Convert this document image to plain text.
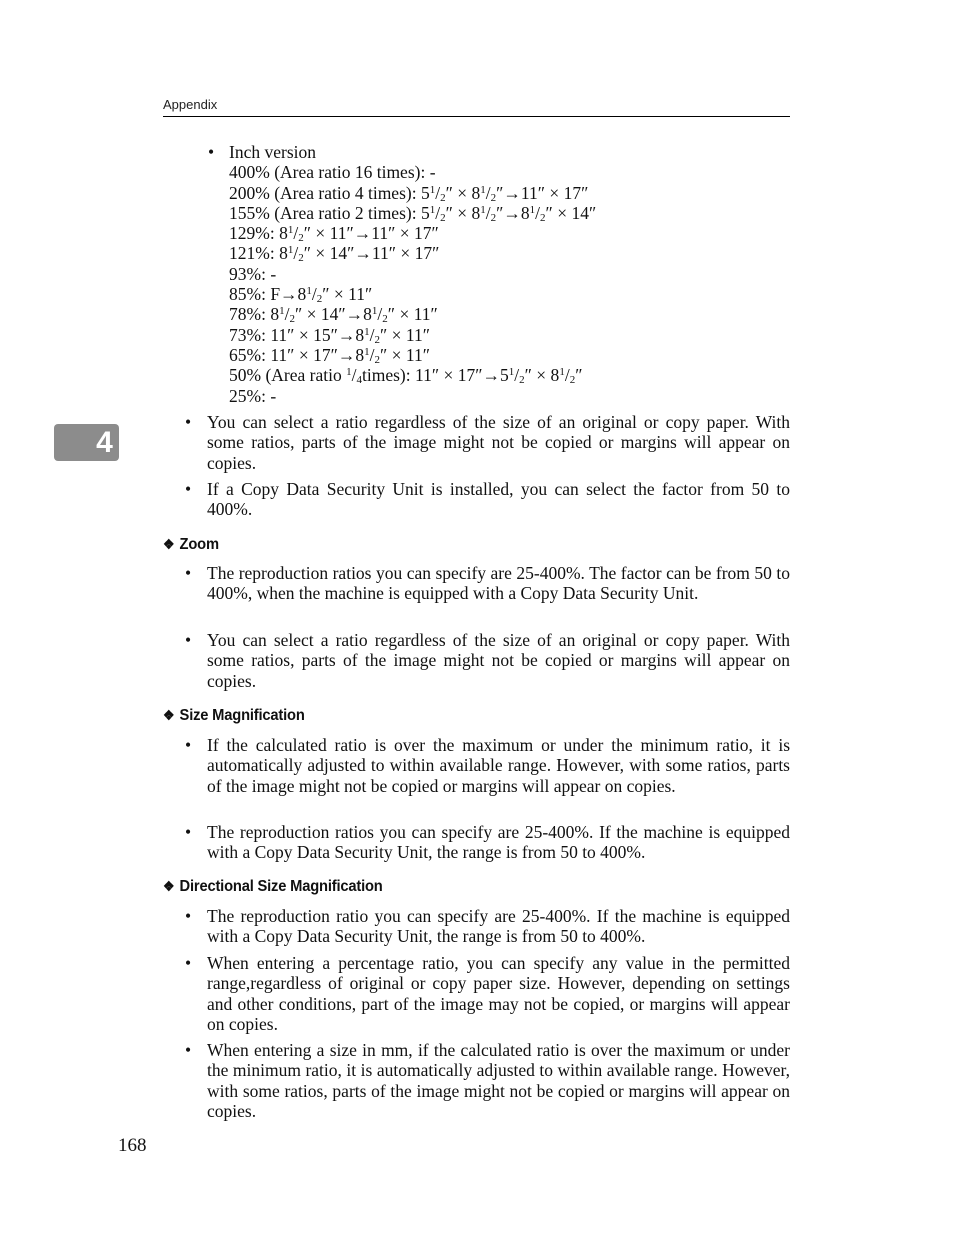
Appendix
4
• Inch version
400% (Area ratio 16 times): -
200% (Area ratio 4 times): $5^1/_2'' \times 8^1/_2''\to 11'' \times 17''$
155% (Area ratio 2 times): $5^1/_2'' \times 8^1/_2''\to 8^1/_2'' \times 14''$
129%: $8^1/_2'' \times 11''\to 11'' \times 17''$
121%: $8^1/_2'' \times 14''\to 11'' \times 17''$
93%: -
85%: $F\to 8^1/_2'' \times 11''$
78%: $8^1/_2'' \times 14''\to 8^1/_2'' \times 11''$
73%: $11'' \times 15''\to 8^1/_2'' \times 11''$
65%: $11'' \times 17''\to 8^1/_2'' \times 11''$
50% (Area ratio $^1/_4times$): $11'' \times 17''\to 5^1/_2'' \times 8^1/_2''$
25%: -
• You can select a ratio regardless of the size of an original or copy paper. With some ratios, parts of the image might not be copied or margins will appear on copies.
• If a Copy Data Security Unit is installed, you can select the factor from 50 to 400%.
❖ Zoom
• The reproduction ratios you can specify are 25-400%. The factor can be from 50 to 400%, when the machine is equipped with a Copy Data Security Unit.
• You can select a ratio regardless of the size of an original or copy paper. With some ratios, parts of the image might not be copied or margins will appear on copies.
❖ Size Magnification
• If the calculated ratio is over the maximum or under the minimum ratio, it is automatically adjusted to within available range. However, with some ratios, parts of the image might not be copied or margins will appear on copies.
• The reproduction ratios you can specify are 25-400%. If the machine is equipped with a Copy Data Security Unit, the range is from 50 to 400%.
❖ Directional Size Magnification
• The reproduction ratio you can specify are 25-400%. If the machine is equipped with a Copy Data Security Unit, the range is from 50 to 400%.
• When entering a percentage ratio, you can specify any value in the permitted range,regardless of original or copy paper size. However, depending on settings and other conditions, part of the image may not be copied, or margins will appear on copies.
• When entering a size in mm, if the calculated ratio is over the maximum or under the minimum ratio, it is automatically adjusted to within available range. However, with some ratios, parts of the image might not be copied or margins will appear on copies.
168
